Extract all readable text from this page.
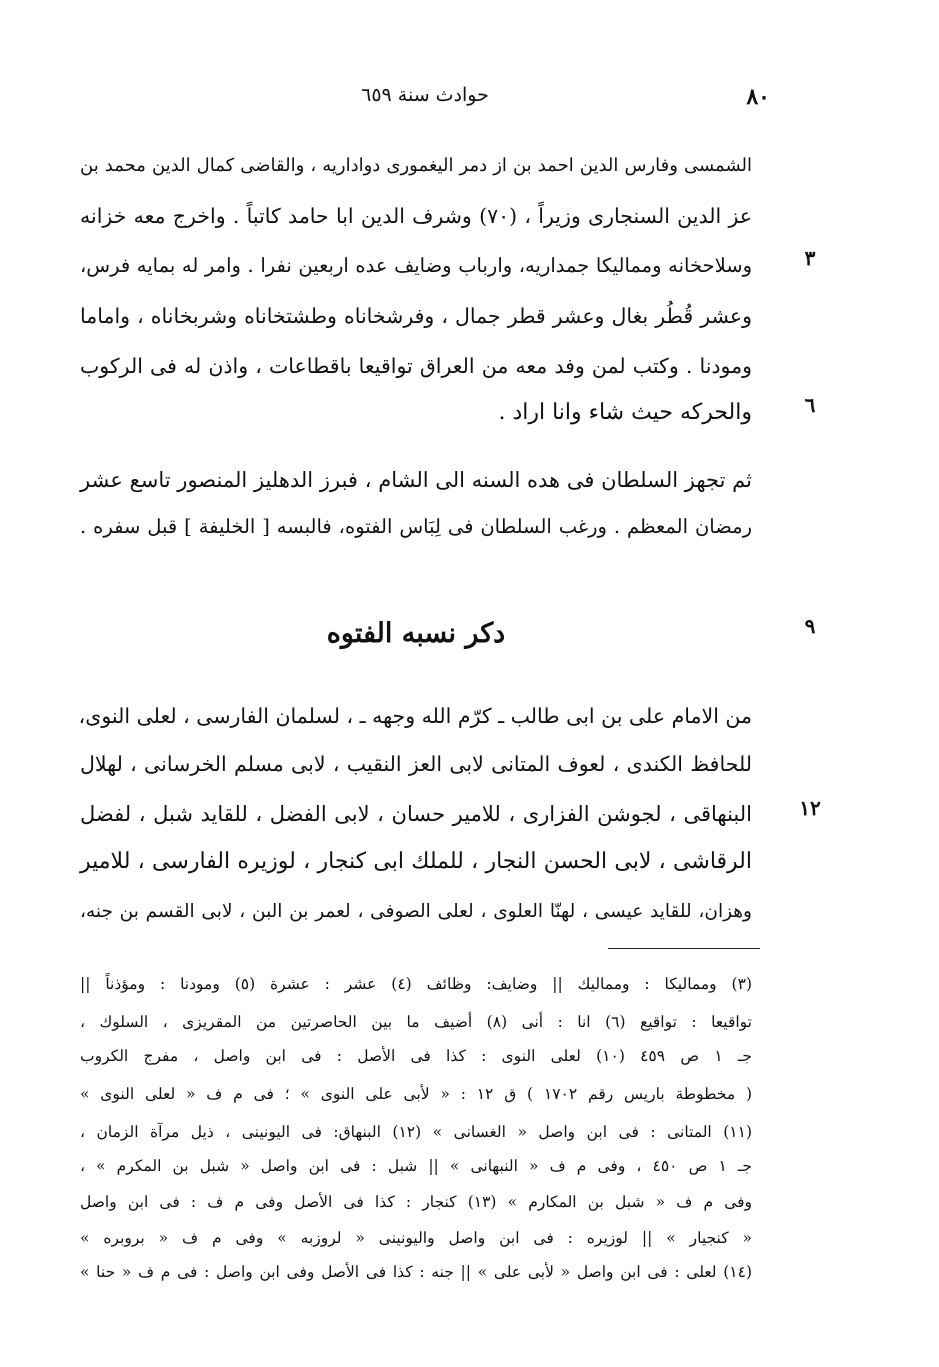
٨٠
حوادث سنة ٦٥٩
الشمسى وفارس الدين احمد بن از دمر اليغمورى دواداريه ، والقاضى كمال الدين محمد بن
عز الدين السنجارى وزيراً ، (٧٠) وشرف الدين ابا حامد كاتباً . واخرج معه خزانه
وسلاحخانه ومماليكا جمداريه، وارباب وضايف عده اربعين نفرا . وامر له بمايه فرس،
وعشر قُطُر بغال وعشر قطر جمال ، وفرشخاناه وطشتخاناه وشربخاناه ، واماما
ومودنا . وكتب لمن وفد معه من العراق تواقيعا باقطاعات ، واذن له فى الركوب
والحركه حيث شاء وانا اراد .
ثم تجهز السلطان فى هده السنه الى الشام ، فبرز الدهليز المنصور تاسع عشر
رمضان المعظم . ورغب السلطان فى لِبَاس الفتوه، فالبسه [ الخليفة ] قبل سفره .
دكر نسبه الفتوه
من الامام على بن ابى طالب ـ كرّم الله وجهه ـ ، لسلمان الفارسى ، لعلى النوى،
للحافظ الكندى ، لعوف المتانى لابى العز النقيب ، لابى مسلم الخرسانى ، لهلال
البنهاقى ، لجوشن الفزارى ، للامير حسان ، لابى الفضل ، للقايد شبل ، لفضل
الرقاشى ، لابى الحسن النجار ، للملك ابى كنجار ، لوزيره الفارسى ، للامير
وهزان، للقايد عيسى ، لهنّا العلوى ، لعلى الصوفى ، لعمر بن البن ، لابى القسم بن جنه،
٣
٦
٩
١٢
(٣) ومماليكا : ومماليك || وضايف: وظائف (٤) عشر : عشرة (٥) ومودنا : ومؤذناً ||
تواقيعا : تواقيع (٦) انا : أنى (٨) أضيف ما بين الحاصرتين من المقريزى ، السلوك ،
جـ ١ ص ٤٥٩ (١٠) لعلى النوى : كذا فى الأصل : فى ابن واصل ، مفرج الكروب
( مخطوطة باريس رقم ١٧٠٢ ) ق ١٢ : « لأبى على النوى » ؛ فى م ف « لعلى النوى »
(١١) المتانى : فى ابن واصل « الغسانى » (١٢) البنهاق: فى اليونينى ، ذيل مرآة الزمان ،
جـ ١ ص ٤٥٠ ، وفى م ف « النبهانى » || شبل : فى ابن واصل « شبل بن المكرم » ،
وفى م ف « شبل بن المكارم » (١٣) كنجار : كذا فى الأصل وفى م ف : فى ابن واصل
« كنجيار » || لوزيره : فى ابن واصل واليونينى « لروزبه » وفى م ف « بروبره »
(١٤) لعلى : فى ابن واصل « لأبى على » || جنه : كذا فى الأصل وفى ابن واصل : فى م ف « حنا »
